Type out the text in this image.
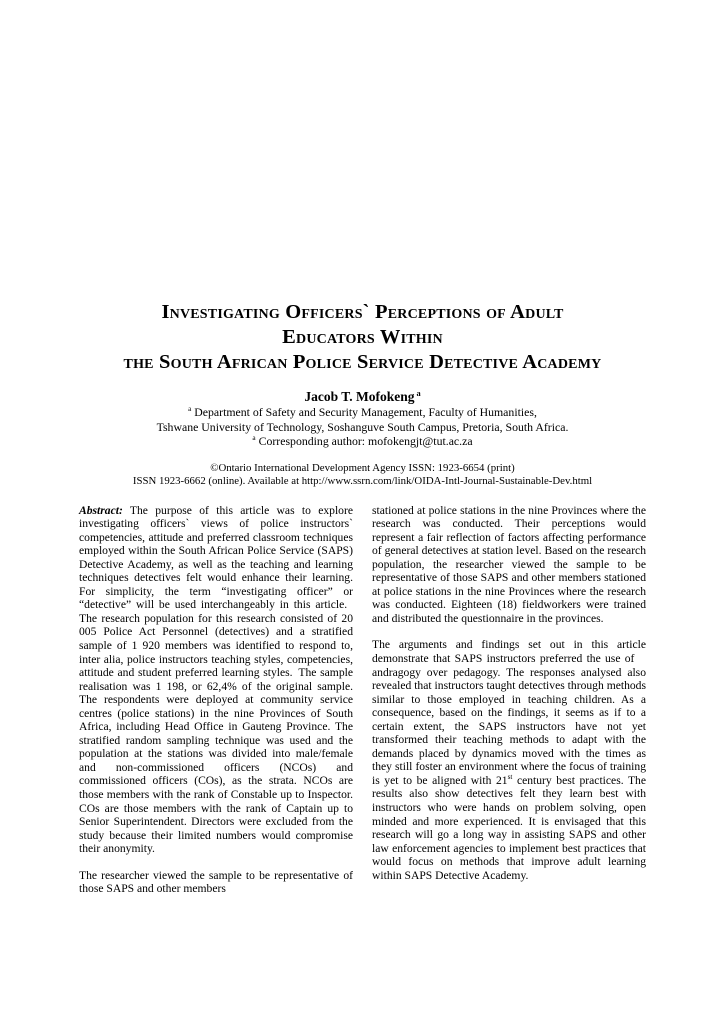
Investigating Officers` Perceptions of Adult
Educators Within
the South African Police Service Detective Academy
Jacob T. Mofokeng $^a$
$^a$ Department of Safety and Security Management, Faculty of Humanities,
Tshwane University of Technology, Soshanguve South Campus, Pretoria, South Africa.
$^a$ Corresponding author: mofokengjt@tut.ac.za
©Ontario International Development Agency ISSN: 1923-6654 (print)
ISSN 1923-6662 (online). Available at http://www.ssrn.com/link/OIDA-Intl-Journal-Sustainable-Dev.html

Abstract: The purpose of this article was to explore investigating officers` views of police instructors` competencies, attitude and preferred classroom techniques employed within the South African Police Service (SAPS) Detective Academy, as well as the teaching and learning techniques detectives felt would enhance their learning. For simplicity, the term “investigating officer” or “detective” will be used interchangeably in this article. The research population for this research consisted of 20 005 Police Act Personnel (detectives) and a stratified sample of 1 920 members was identified to respond to, inter alia, police instructors teaching styles, competencies, attitude and student preferred learning styles. The sample realisation was 1 198, or 62,4% of the original sample. The respondents were deployed at community service centres (police stations) in the nine Provinces of South Africa, including Head Office in Gauteng Province. The stratified random sampling technique was used and the population at the stations was divided into male/female and non-commissioned officers (NCOs) and commissioned officers (COs), as the strata. NCOs are those members with the rank of Constable up to Inspector. COs are those members with the rank of Captain up to Senior Superintendent. Directors were excluded from the study because their limited numbers would compromise their anonymity.

The researcher viewed the sample to be representative of those SAPS and other members

stationed at police stations in the nine Provinces where the research was conducted. Their perceptions would represent a fair reflection of factors affecting performance of general detectives at station level. Based on the research population, the researcher viewed the sample to be representative of those SAPS and other members stationed at police stations in the nine Provinces where the research was conducted. Eighteen (18) fieldworkers were trained and distributed the questionnaire in the provinces.

The arguments and findings set out in this article demonstrate that SAPS instructors preferred the use of andragogy over pedagogy. The responses analysed also revealed that instructors taught detectives through methods similar to those employed in teaching children. As a consequence, based on the findings, it seems as if to a certain extent, the SAPS instructors have not yet transformed their teaching methods to adapt with the demands placed by dynamics moved with the times as they still foster an environment where the focus of training is yet to be aligned with 21st century best practices. The results also show detectives felt they learn best with instructors who were hands on problem solving, open minded and more experienced. It is envisaged that this research will go a long way in assisting SAPS and other law enforcement agencies to implement best practices that would focus on methods that improve adult learning within SAPS Detective Academy.
